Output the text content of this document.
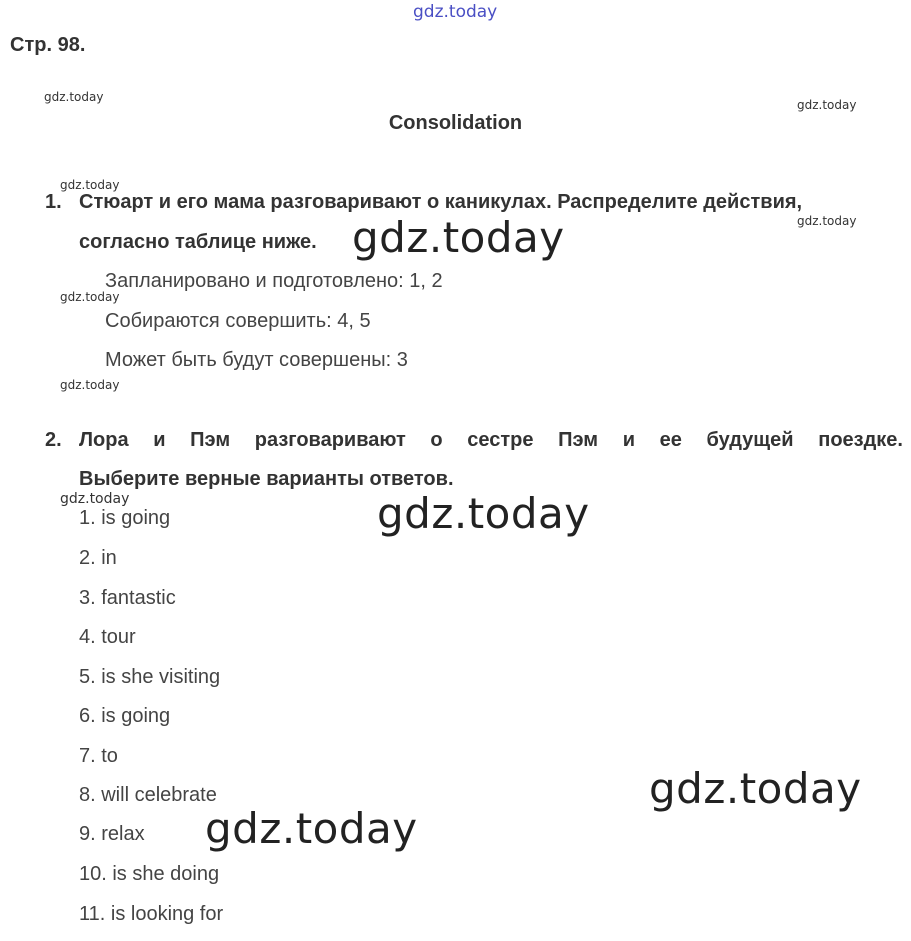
gdz.today
Стр. 98.
gdz.today
gdz.today
Consolidation
gdz.today
1. Стюарт и его мама разговаривают о каникулах. Распределите действия,
gdz.today
согласно таблице ниже. gdz.today
Запланировано и подготовлено: 1, 2
gdz.today
Собираются совершить: 4, 5
Может быть будут совершены: 3
gdz.today
2. Лора и Пэм разговаривают о сестре Пэм и ее будущей поездке.
Выберите верные варианты ответов.
gdz.today	gdz.today
1. is going
2. in
3. fantastic
4. tour
5. is she visiting
6. is going
7. to
gdz.today
8. will celebrate
9. relax gdz.today
10. is she doing
11. is looking for
